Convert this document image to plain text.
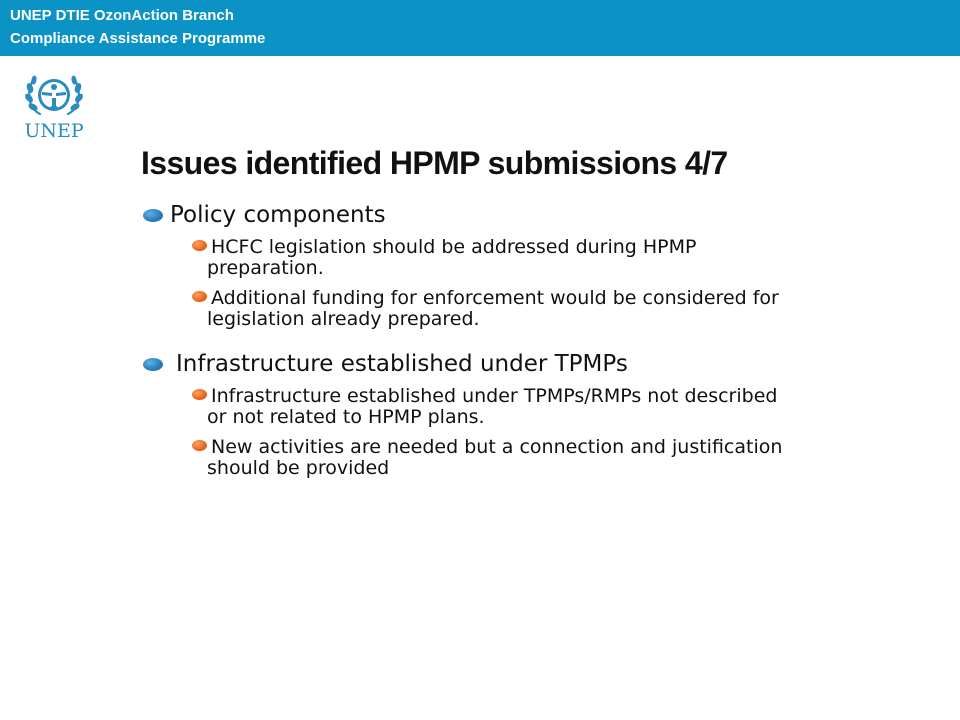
UNEP DTIE OzonAction Branch
Compliance Assistance Programme
UNEP
Issues identified HPMP submissions 4/7
Policy components
HCFC legislation should be addressed during HPMP preparation.
Additional funding for enforcement would be considered for legislation already prepared.
Infrastructure established under TPMPs
Infrastructure established under TPMPs/RMPs not described or not related to HPMP plans.
New activities are needed but a connection and justification should be provided
